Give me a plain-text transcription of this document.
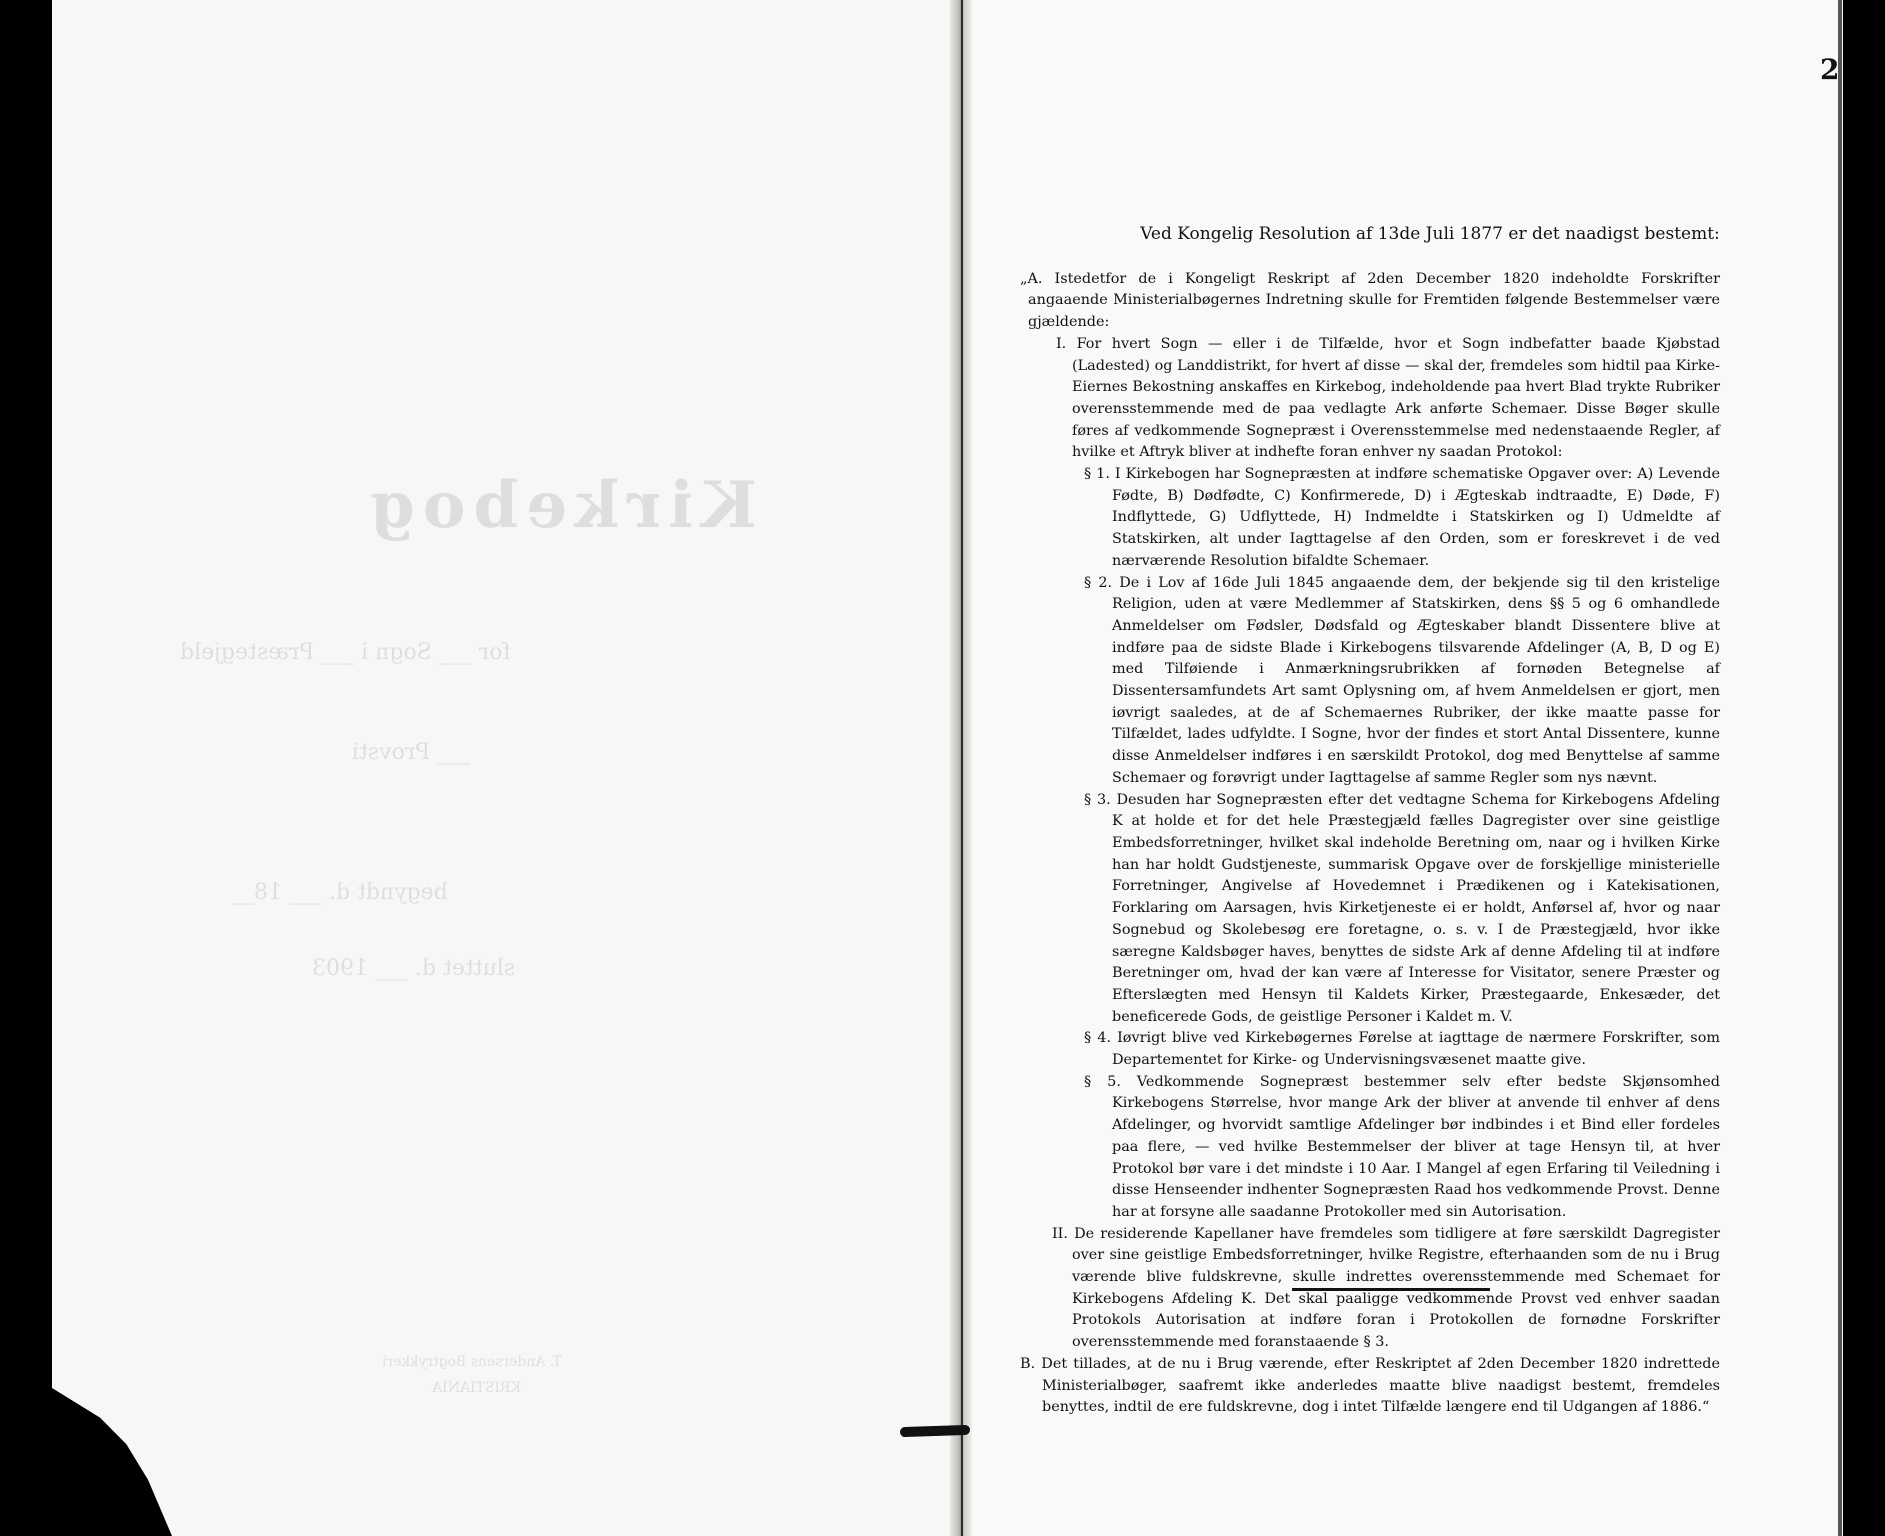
Kirkebog
for ___ Sogn i ___ Præstegjeld
___ Provsti
begyndt d. ___ 18__
sluttet d. ___ 1903
T. Andersens Bogtrykkeri
KRISTIANIA
2

Ved Kongelig Resolution af 13de Juli 1877 er det naadigst bestemt:

„A. Istedetfor de i Kongeligt Reskript af 2den December 1820 indeholdte Forskrifter angaaende Ministerialbøgernes Indretning skulle for Fremtiden følgende Bestemmelser være gjældende:

I. For hvert Sogn — eller i de Tilfælde, hvor et Sogn indbefatter baade Kjøbstad (Ladested) og Landdistrikt, for hvert af disse — skal der, fremdeles som hidtil paa Kirke-Eiernes Bekostning anskaffes en Kirkebog, indeholdende paa hvert Blad trykte Rubriker overensstemmende med de paa vedlagte Ark anførte Schemaer. Disse Bøger skulle føres af vedkommende Sognepræst i Overensstemmelse med nedenstaaende Regler, af hvilke et Aftryk bliver at indhefte foran enhver ny saadan Protokol:

§ 1. I Kirkebogen har Sognepræsten at indføre schematiske Opgaver over: A) Levende Fødte, B) Dødfødte, C) Konfirmerede, D) i Ægteskab indtraadte, E) Døde, F) Indflyttede, G) Udflyttede, H) Indmeldte i Statskirken og I) Udmeldte af Statskirken, alt under Iagttagelse af den Orden, som er foreskrevet i de ved nærværende Resolution bifaldte Schemaer.

§ 2. De i Lov af 16de Juli 1845 angaaende dem, der bekjende sig til den kristelige Religion, uden at være Medlemmer af Statskirken, dens §§ 5 og 6 omhandlede Anmeldelser om Fødsler, Dødsfald og Ægteskaber blandt Dissentere blive at indføre paa de sidste Blade i Kirkebogens tilsvarende Afdelinger (A, B, D og E) med Tilføiende i Anmærkningsrubrikken af fornøden Betegnelse af Dissentersamfundets Art samt Oplysning om, af hvem Anmeldelsen er gjort, men iøvrigt saaledes, at de af Schemaernes Rubriker, der ikke maatte passe for Tilfældet, lades udfyldte. I Sogne, hvor der findes et stort Antal Dissentere, kunne disse Anmeldelser indføres i en særskildt Protokol, dog med Benyttelse af samme Schemaer og forøvrigt under Iagttagelse af samme Regler som nys nævnt.

§ 3. Desuden har Sognepræsten efter det vedtagne Schema for Kirkebogens Afdeling K at holde et for det hele Præstegjæld fælles Dagregister over sine geistlige Embedsforretninger, hvilket skal indeholde Beretning om, naar og i hvilken Kirke han har holdt Gudstjeneste, summarisk Opgave over de forskjellige ministerielle Forretninger, Angivelse af Hovedemnet i Prædikenen og i Katekisationen, Forklaring om Aarsagen, hvis Kirketjeneste ei er holdt, Anførsel af, hvor og naar Sognebud og Skolebesøg ere foretagne, o. s. v. I de Præstegjæld, hvor ikke særegne Kaldsbøger haves, benyttes de sidste Ark af denne Afdeling til at indføre Beretninger om, hvad der kan være af Interesse for Visitator, senere Præster og Efterslægten med Hensyn til Kaldets Kirker, Præstegaarde, Enkesæder, det beneficerede Gods, de geistlige Personer i Kaldet m. V.

§ 4. Iøvrigt blive ved Kirkebøgernes Førelse at iagttage de nærmere Forskrifter, som Departementet for Kirke- og Undervisningsvæsenet maatte give.

§ 5. Vedkommende Sognepræst bestemmer selv efter bedste Skjønsomhed Kirkebogens Størrelse, hvor mange Ark der bliver at anvende til enhver af dens Afdelinger, og hvorvidt samtlige Afdelinger bør indbindes i et Bind eller fordeles paa flere, — ved hvilke Bestemmelser der bliver at tage Hensyn til, at hver Protokol bør vare i det mindste i 10 Aar. I Mangel af egen Erfaring til Veiledning i disse Henseender indhenter Sognepræsten Raad hos vedkommende Provst. Denne har at forsyne alle saadanne Protokoller med sin Autorisation.

II. De residerende Kapellaner have fremdeles som tidligere at føre særskildt Dagregister over sine geistlige Embedsforretninger, hvilke Registre, efterhaanden som de nu i Brug værende blive fuldskrevne, skulle indrettes overensstemmende med Schemaet for Kirkebogens Afdeling K. Det skal paaligge vedkommende Provst ved enhver saadan Protokols Autorisation at indføre foran i Protokollen de fornødne Forskrifter overensstemmende med foranstaaende § 3.

B. Det tillades, at de nu i Brug værende, efter Reskriptet af 2den December 1820 indrettede Ministerialbøger, saafremt ikke anderledes maatte blive naadigst bestemt, fremdeles benyttes, indtil de ere fuldskrevne, dog i intet Tilfælde længere end til Udgangen af 1886.“
